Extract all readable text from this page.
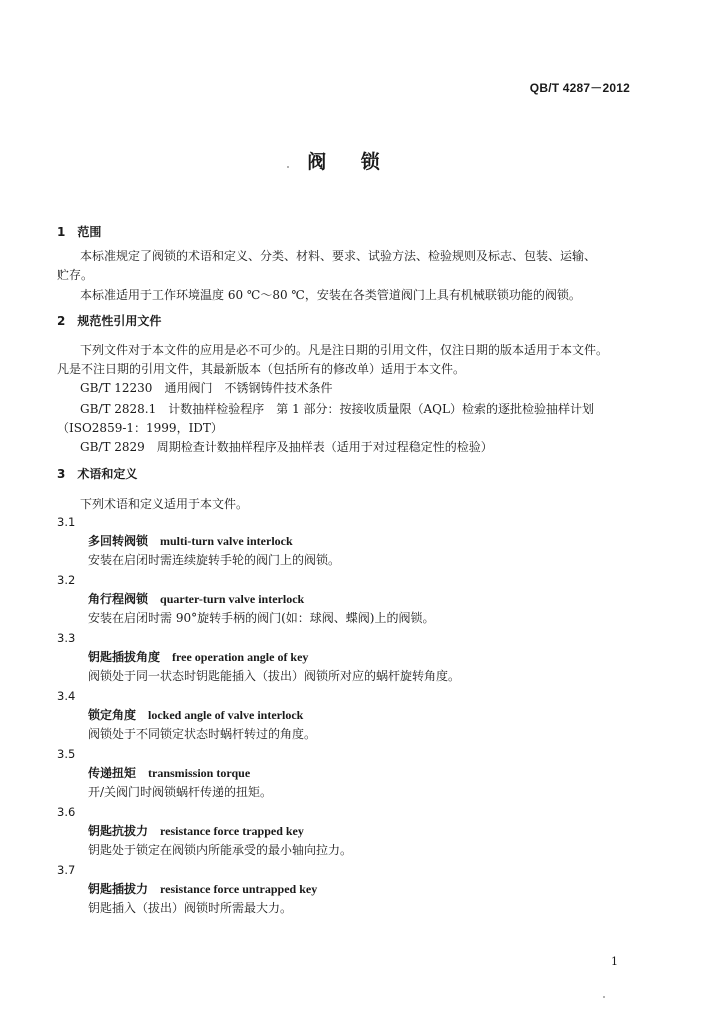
QB/T 4287－2012
阀 锁
1　范围
本标准规定了阀锁的术语和定义、分类、材料、要求、试验方法、检验规则及标志、包装、运输、
贮存。
本标准适用于工作环境温度 60 ℃～80 ℃，安装在各类管道阀门上具有机械联锁功能的阀锁。
2　规范性引用文件
下列文件对于本文件的应用是必不可少的。凡是注日期的引用文件，仅注日期的版本适用于本文件。
凡是不注日期的引用文件，其最新版本（包括所有的修改单）适用于本文件。
GB/T 12230　通用阀门　不锈钢铸件技术条件
GB/T 2828.1　计数抽样检验程序　第 1 部分：按接收质量限（AQL）检索的逐批检验抽样计划
（ISO2859-1：1999，IDT）
GB/T 2829　周期检查计数抽样程序及抽样表（适用于对过程稳定性的检验）
3　术语和定义
下列术语和定义适用于本文件。
3.1
多回转阀锁 multi-turn valve interlock
安装在启闭时需连续旋转手轮的阀门上的阀锁。
3.2
角行程阀锁 quarter-turn valve interlock
安装在启闭时需 90°旋转手柄的阀门(如：球阀、蝶阀)上的阀锁。
3.3
钥匙插拔角度 free operation angle of key
阀锁处于同一状态时钥匙能插入（拔出）阀锁所对应的蜗杆旋转角度。
3.4
锁定角度 locked angle of valve interlock
阀锁处于不同锁定状态时蜗杆转过的角度。
3.5
传递扭矩 transmission torque
开/关阀门时阀锁蜗杆传递的扭矩。
3.6
钥匙抗拔力 resistance force trapped key
钥匙处于锁定在阀锁内所能承受的最小轴向拉力。
3.7
钥匙插拔力 resistance force untrapped key
钥匙插入（拔出）阀锁时所需最大力。
1
